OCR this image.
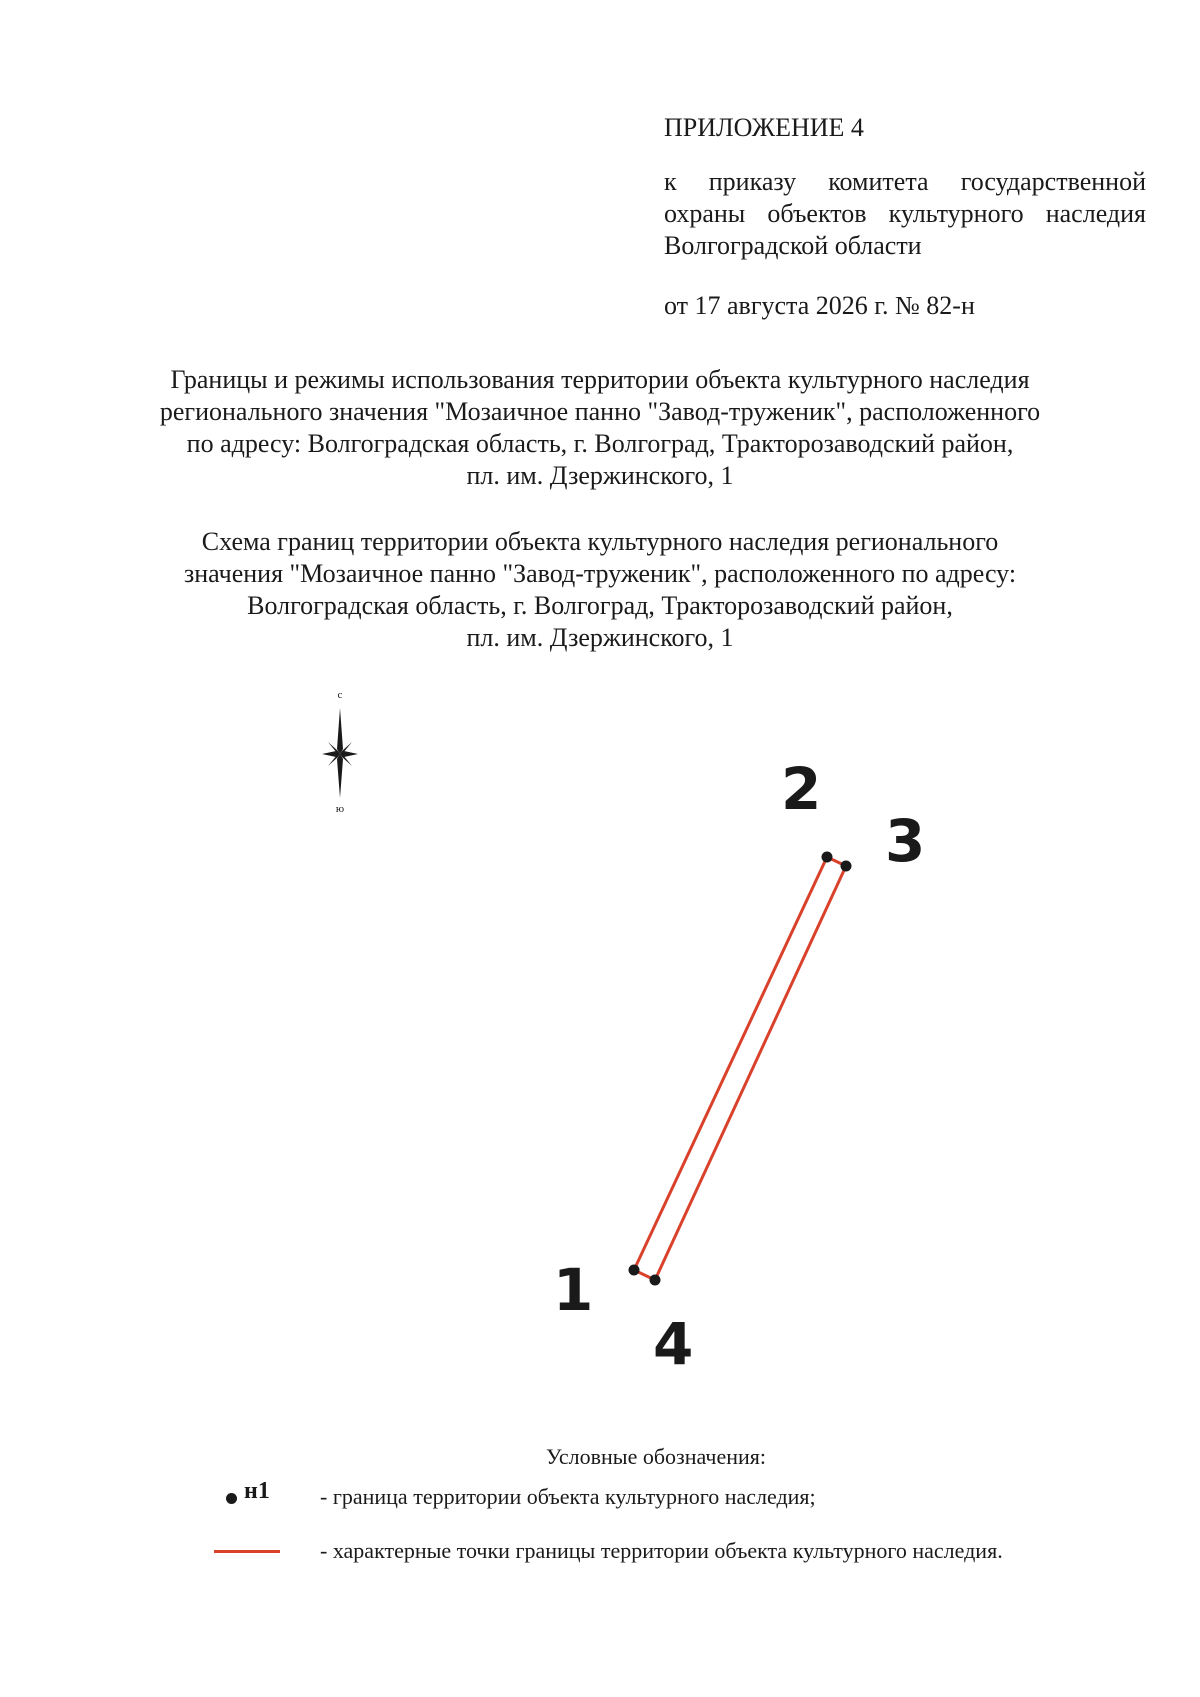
ПРИЛОЖЕНИЕ 4

к приказу комитета государственной охраны объектов культурного наследия Волгоградской области

от 17 августа 2026 г. № 82-н

Границы и режимы использования территории объекта культурного наследия
регионального значения "Мозаичное панно "Завод-труженик", расположенного
по адресу: Волгоградская область, г. Волгоград, Тракторозаводский район,
пл. им. Дзержинского, 1
Схема границ территории объекта культурного наследия регионального
значения "Мозаичное панно "Завод-труженик", расположенного по адресу:
Волгоградская область, г. Волгоград, Тракторозаводский район,
пл. им. Дзержинского, 1
с
ю
1
2
3
4
Условные обозначения:
н1 - граница территории объекта культурного наследия;
- характерные точки границы территории объекта культурного наследия.
